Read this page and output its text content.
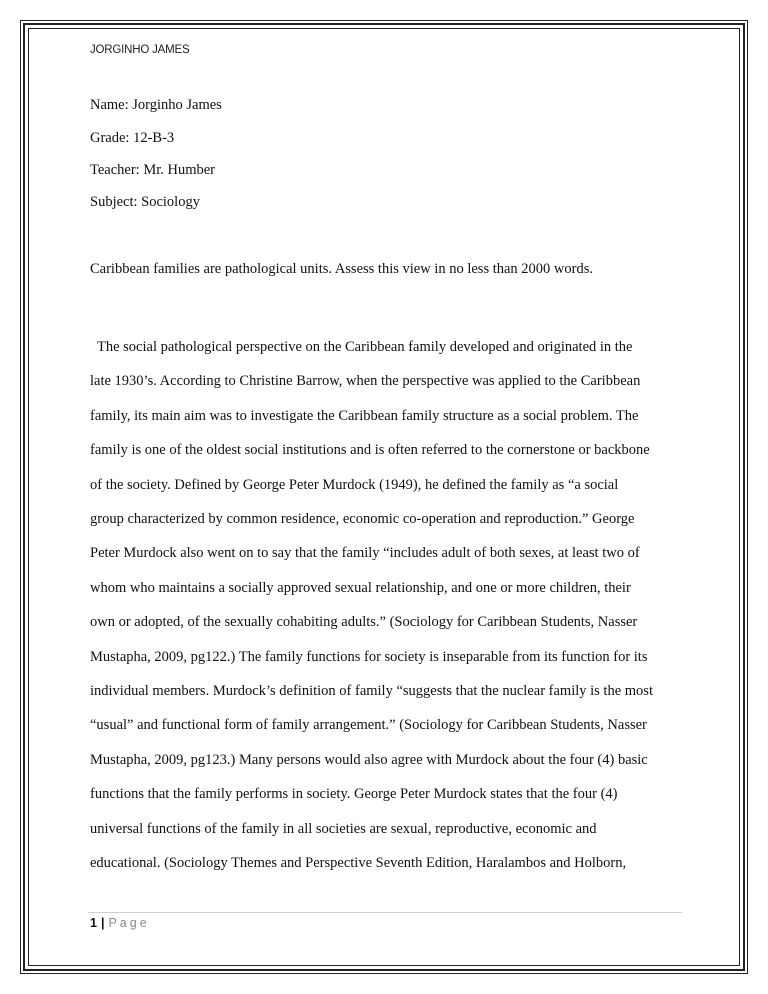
JORGINHO JAMES
Name: Jorginho James
Grade: 12-B-3
Teacher: Mr. Humber
Subject: Sociology
Caribbean families are pathological units. Assess this view in no less than 2000 words.
The social pathological perspective on the Caribbean family developed and originated in the
late 1930’s. According to Christine Barrow, when the perspective was applied to the Caribbean
family, its main aim was to investigate the Caribbean family structure as a social problem. The
family is one of the oldest social institutions and is often referred to the cornerstone or backbone
of the society. Defined by George Peter Murdock (1949), he defined the family as “a social
group characterized by common residence, economic co-operation and reproduction.” George
Peter Murdock also went on to say that the family “includes adult of both sexes, at least two of
whom who maintains a socially approved sexual relationship, and one or more children, their
own or adopted, of the sexually cohabiting adults.” (Sociology for Caribbean Students, Nasser
Mustapha, 2009, pg122.) The family functions for society is inseparable from its function for its
individual members. Murdock’s definition of family “suggests that the nuclear family is the most
“usual” and functional form of family arrangement.” (Sociology for Caribbean Students, Nasser
Mustapha, 2009, pg123.) Many persons would also agree with Murdock about the four (4) basic
functions that the family performs in society. George Peter Murdock states that the four (4)
universal functions of the family in all societies are sexual, reproductive, economic and
educational. (Sociology Themes and Perspective Seventh Edition, Haralambos and Holborn,
1 | Page
